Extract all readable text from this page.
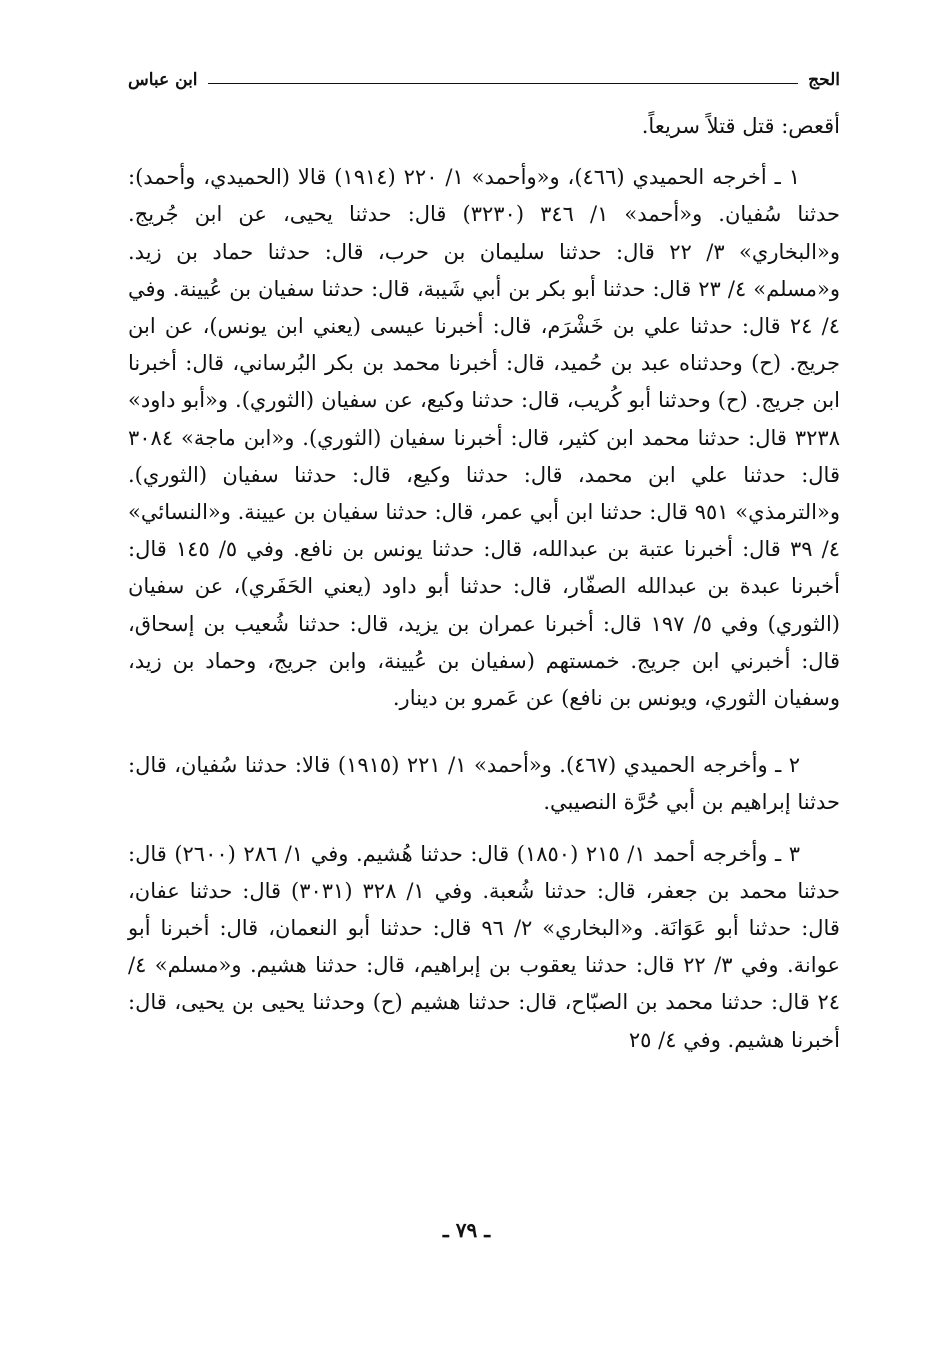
الحج
ابن عباس

أقعص: قتل قتلاً سريعاً.

١ ـ أخرجه الحميدي (٤٦٦)، و«وأحمد» ١/ ٢٢٠ (١٩١٤) قالا (الحميدي، وأحمد): حدثنا سُفيان. و«أحمد» ١/ ٣٤٦ (٣٢٣٠) قال: حدثنا يحيى، عن ابن جُريج. و«البخاري» ٣/ ٢٢ قال: حدثنا سليمان بن حرب، قال: حدثنا حماد بن زيد. و«مسلم» ٤/ ٢٣ قال: حدثنا أبو بكر بن أبي شَيبة، قال: حدثنا سفيان بن عُيينة. وفي ٤/ ٢٤ قال: حدثنا علي بن خَشْرَم، قال: أخبرنا عيسى (يعني ابن يونس)، عن ابن جريج. (ح) وحدثناه عبد بن حُميد، قال: أخبرنا محمد بن بكر البُرساني، قال: أخبرنا ابن جريج. (ح) وحدثنا أبو كُريب، قال: حدثنا وكيع، عن سفيان (الثوري). و«أبو داود» ٣٢٣٨ قال: حدثنا محمد ابن كثير، قال: أخبرنا سفيان (الثوري). و«ابن ماجة» ٣٠٨٤ قال: حدثنا علي ابن محمد، قال: حدثنا وكيع، قال: حدثنا سفيان (الثوري). و«الترمذي» ٩٥١ قال: حدثنا ابن أبي عمر، قال: حدثنا سفيان بن عيينة. و«النسائي» ٤/ ٣٩ قال: أخبرنا عتبة بن عبدالله، قال: حدثنا يونس بن نافع. وفي ٥/ ١٤٥ قال: أخبرنا عبدة بن عبدالله الصفّار، قال: حدثنا أبو داود (يعني الحَفَري)، عن سفيان (الثوري) وفي ٥/ ١٩٧ قال: أخبرنا عمران بن يزيد، قال: حدثنا شُعيب بن إسحاق، قال: أخبرني ابن جريج. خمستهم (سفيان بن عُيينة، وابن جريج، وحماد بن زيد، وسفيان الثوري، ويونس بن نافع) عن عَمرو بن دينار.

٢ ـ وأخرجه الحميدي (٤٦٧). و«أحمد» ١/ ٢٢١ (١٩١٥) قالا: حدثنا سُفيان، قال: حدثنا إبراهيم بن أبي حُرَّة النصيبي.

٣ ـ وأخرجه أحمد ١/ ٢١٥ (١٨٥٠) قال: حدثنا هُشيم. وفي ١/ ٢٨٦ (٢٦٠٠) قال: حدثنا محمد بن جعفر، قال: حدثنا شُعبة. وفي ١/ ٣٢٨ (٣٠٣١) قال: حدثنا عفان، قال: حدثنا أبو عَوَانَة. و«البخاري» ٢/ ٩٦ قال: حدثنا أبو النعمان، قال: أخبرنا أبو عوانة. وفي ٣/ ٢٢ قال: حدثنا يعقوب بن إبراهيم، قال: حدثنا هشيم. و«مسلم» ٤/ ٢٤ قال: حدثنا محمد بن الصبّاح، قال: حدثنا هشيم (ح) وحدثنا يحيى بن يحيى، قال: أخبرنا هشيم. وفي ٤/ ٢٥

ـ ٧٩ ـ
